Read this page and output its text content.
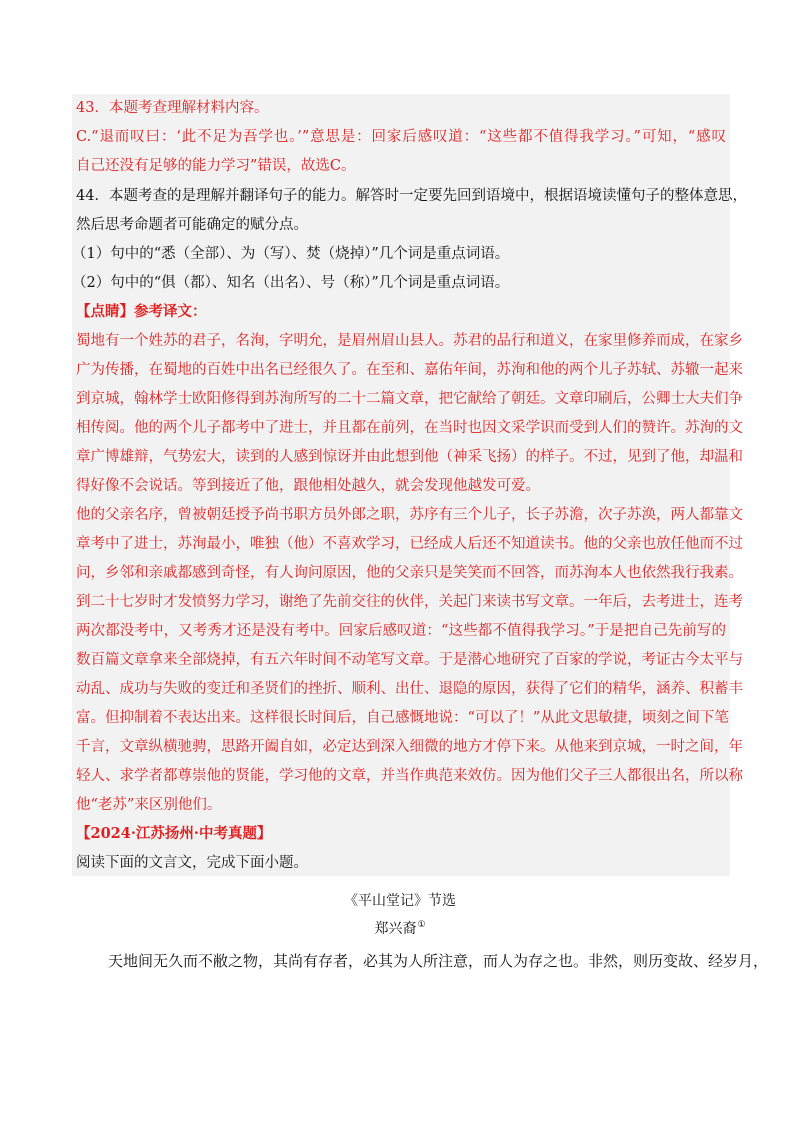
43．本题考查理解材料内容。
C.“退而叹曰：‘此不足为吾学也。’”意思是：回家后感叹道：“这些都不值得我学习。”可知，“感叹
自己还没有足够的能力学习”错误，故选C。
44．本题考查的是理解并翻译句子的能力。解答时一定要先回到语境中，根据语境读懂句子的整体意思，
然后思考命题者可能确定的赋分点。
（1）句中的“悉（全部）、为（写）、焚（烧掉）”几个词是重点词语。
（2）句中的“俱（都）、知名（出名）、号（称）”几个词是重点词语。
【点睛】参考译文：
蜀地有一个姓苏的君子，名洵，字明允，是眉州眉山县人。苏君的品行和道义，在家里修养而成，在家乡
广为传播，在蜀地的百姓中出名已经很久了。在至和、嘉佑年间，苏洵和他的两个儿子苏轼、苏辙一起来
到京城，翰林学士欧阳修得到苏洵所写的二十二篇文章，把它献给了朝廷。文章印刷后，公卿士大夫们争
相传阅。他的两个儿子都考中了进士，并且都在前列，在当时也因文采学识而受到人们的赞许。苏洵的文
章广博雄辩，气势宏大，读到的人感到惊讶并由此想到他（神采飞扬）的样子。不过，见到了他，却温和
得好像不会说话。等到接近了他，跟他相处越久，就会发现他越发可爱。
他的父亲名序，曾被朝廷授予尚书职方员外郎之职，苏序有三个儿子，长子苏澹，次子苏涣，两人都靠文
章考中了进士，苏洵最小，唯独（他）不喜欢学习，已经成人后还不知道读书。他的父亲也放任他而不过
问，乡邻和亲戚都感到奇怪，有人询问原因，他的父亲只是笑笑而不回答，而苏洵本人也依然我行我素。
到二十七岁时才发愤努力学习，谢绝了先前交往的伙伴，关起门来读书写文章。一年后，去考进士，连考
两次都没考中，又考秀才还是没有考中。回家后感叹道：“这些都不值得我学习。”于是把自己先前写的
数百篇文章拿来全部烧掉，有五六年时间不动笔写文章。于是潜心地研究了百家的学说，考证古今太平与
动乱、成功与失败的变迁和圣贤们的挫折、顺利、出仕、退隐的原因，获得了它们的精华，涵养、积蓄丰
富。但抑制着不表达出来。这样很长时间后，自己感慨地说：“可以了！”从此文思敏捷，顷刻之间下笔
千言，文章纵横驰骋，思路开阖自如，必定达到深入细微的地方才停下来。从他来到京城，一时之间，年
轻人、求学者都尊崇他的贤能，学习他的文章，并当作典范来效仿。因为他们父子三人都很出名，所以称
他“老苏”来区别他们。
【2024·江苏扬州·中考真题】
阅读下面的文言文，完成下面小题。
《平山堂记》节选
郑兴裔①
天地间无久而不敝之物，其尚有存者，必其为人所注意，而人为存之也。非然，则历变故、经岁月，
